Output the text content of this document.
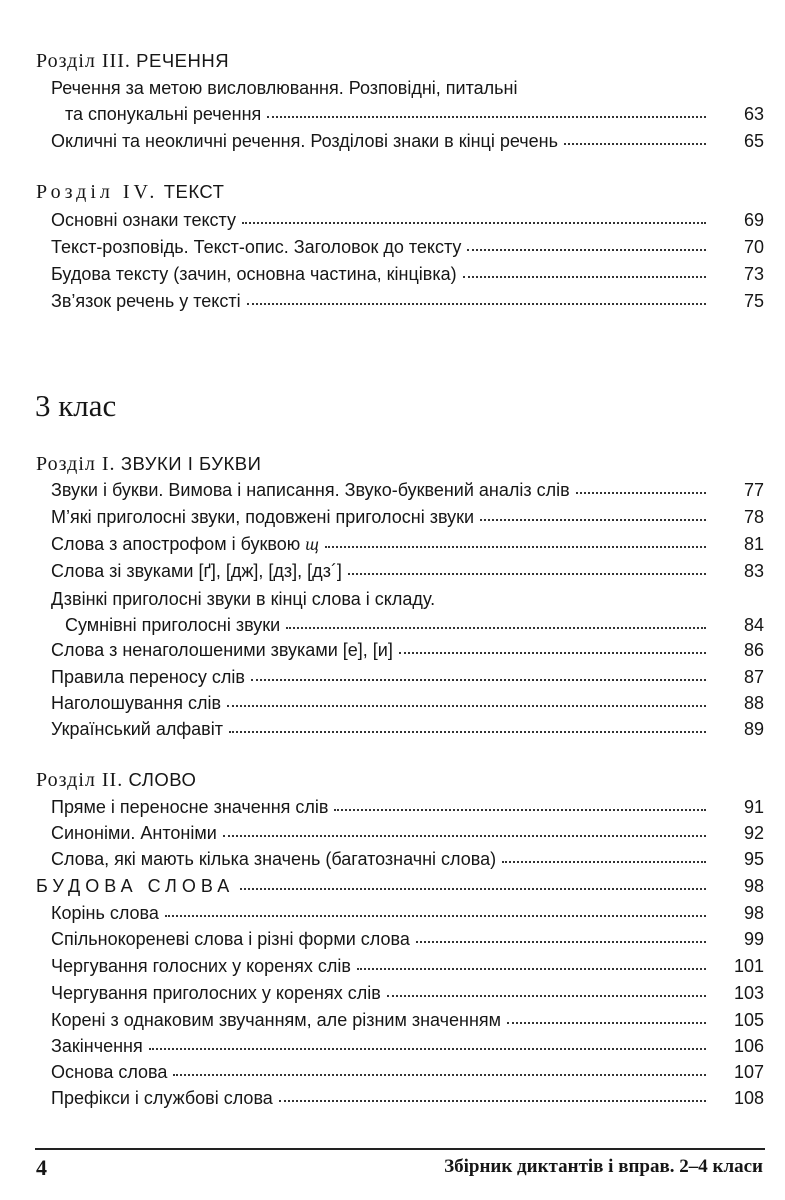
Розділ III. РЕЧЕННЯ
Речення за метою висловлювання. Розповідні, питальні
та спонукальні речення	63
Окличні та неокличні речення. Розділові знаки в кінці речень	65
Розділ IV. ТЕКСТ
Основні ознаки тексту	69
Текст-розповідь. Текст-опис. Заголовок до тексту	70
Будова тексту (зачин, основна частина, кінцівка)	73
Зв’язок речень у тексті	75
3 клас
Розділ I. ЗВУКИ І БУКВИ
Звуки і букви. Вимова і написання. Звуко-буквений аналіз слів	77
М’які приголосні звуки, подовжені приголосні звуки	78
Слова з апострофом і буквою щ	81
Слова зі звуками [ґ], [дж], [дз], [дз´]	83
Дзвінкі приголосні звуки в кінці слова і складу.
Сумнівні приголосні звуки	84
Слова з ненаголошеними звуками [е], [и]	86
Правила переносу слів	87
Наголошування слів	88
Український алфавіт	89
Розділ II. СЛОВО
Пряме і переносне значення слів	91
Синоніми. Антоніми	92
Слова, які мають кілька значень (багатозначні слова)	95
БУДОВА СЛОВА	98
Корінь слова	98
Спільнокореневі слова і різні форми слова	99
Чергування голосних у коренях слів	101
Чергування приголосних у коренях слів	103
Корені з однаковим звучанням, але різним значенням	105
Закінчення	106
Основа слова	107
Префікси і службові слова	108
4	Збірник диктантів і вправ. 2–4 класи
